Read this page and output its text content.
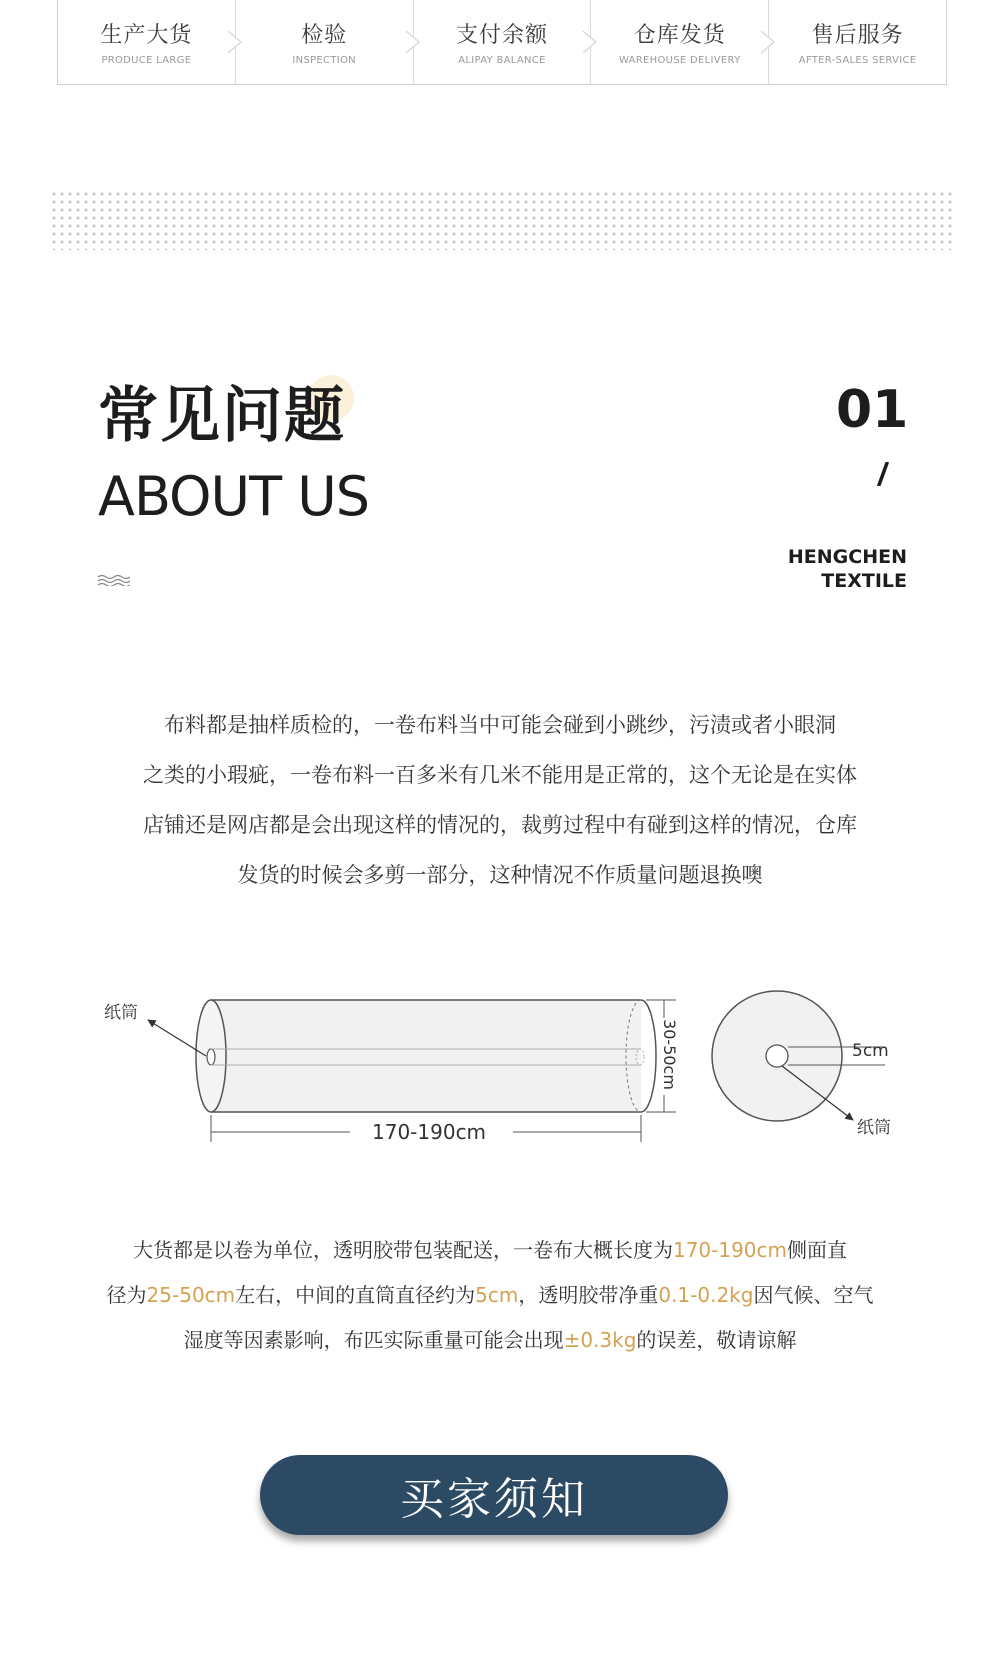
生产大货
PRODUCE LARGE
检验
INSPECTION
支付余额
ALIPAY BALANCE
仓库发货
WAREHOUSE DELIVERY
售后服务
AFTER-SALES SERVICE
常见问题
ABOUT US
01
HENGCHEN
TEXTILE
布料都是抽样质检的，一卷布料当中可能会碰到小跳纱，污渍或者小眼洞
之类的小瑕疵，一卷布料一百多米有几米不能用是正常的，这个无论是在实体
店铺还是网店都是会出现这样的情况的，裁剪过程中有碰到这样的情况，仓库
发货的时候会多剪一部分，这种情况不作质量问题退换噢
纸筒
170-190cm
30-50cm	5cm
纸筒
大货都是以卷为单位，透明胶带包装配送，一卷布大概长度为170-190cm侧面直
径为25-50cm左右，中间的直筒直径约为5cm，透明胶带净重0.1-0.2kg因气候、空气
湿度等因素影响，布匹实际重量可能会出现±0.3kg的误差，敬请谅解
买家须知
